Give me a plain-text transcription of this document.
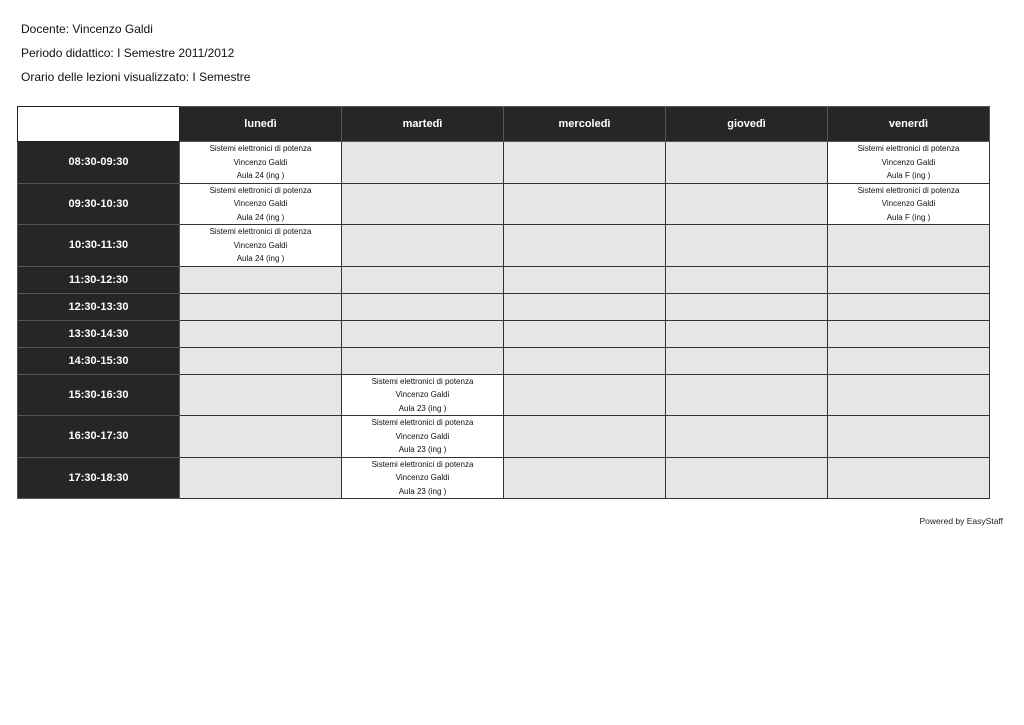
Docente: Vincenzo Galdi
Periodo didattico: I Semestre 2011/2012
Orario delle lezioni visualizzato: I Semestre
	lunedì	martedì	mercoledì	giovedì	venerdì
08:30-09:30	Sistemi elettronici di potenza
Vincenzo Galdi
Aula 24 (ing )				Sistemi elettronici di potenza
Vincenzo Galdi
Aula F (ing )

09:30-10:30	Sistemi elettronici di potenza
Vincenzo Galdi
Aula 24 (ing )				Sistemi elettronici di potenza
Vincenzo Galdi
Aula F (ing )

10:30-11:30	Sistemi elettronici di potenza
Vincenzo Galdi
Aula 24 (ing )				

11:30-12:30					
12:30-13:30					
13:30-14:30					
14:30-15:30					
15:30-16:30		Sistemi elettronici di potenza
Vincenzo Galdi
Aula 23 (ing )			

16:30-17:30		Sistemi elettronici di potenza
Vincenzo Galdi
Aula 23 (ing )			

17:30-18:30		Sistemi elettronici di potenza
Vincenzo Galdi
Aula 23 (ing )			

Powered by EasyStaff
